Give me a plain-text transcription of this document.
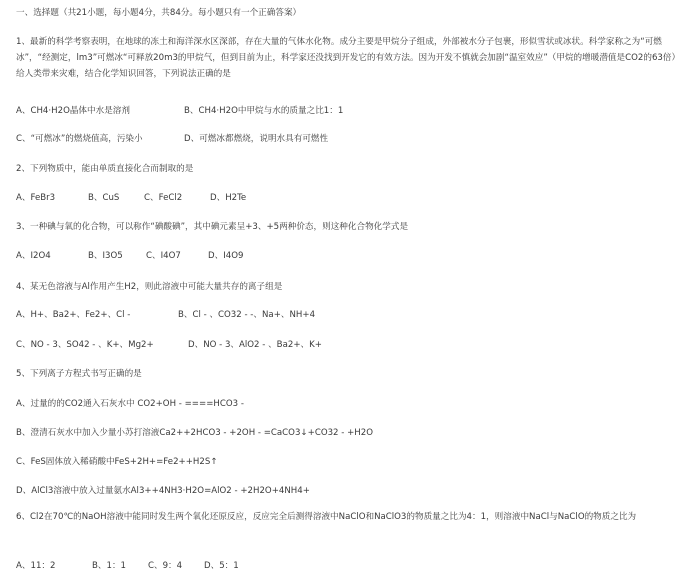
一、选择题（共21小题，每小题4分，共84分。每小题只有一个正确答案）
1、最新的科学考察表明，在地球的冻土和海洋深水区深部，存在大量的气体水化物。成分主要是甲烷分子组成，外部被水分子包裹，形似雪状或冰状。科学家称之为“可燃冰”，“经测定，lm3”可燃冰“可释放20m3的甲烷气，但到目前为止，科学家还没找到开发它的有效方法。因为开发不慎就会加剧“温室效应”（甲烷的增暖潜值是CO2的63倍）给人类带来灾难，结合化学知识回答，下列说法正确的是
A、CH4·H2O晶体中水是溶剂	B、CH4·H2O中甲烷与水的质量之比1：1
C、“可燃冰”的燃烧值高，污染小	D、可燃冰都燃烧，说明水具有可燃性
2、下列物质中，能由单质直接化合而制取的是
A、FeBr3	B、CuS	C、FeCl2	D、H2Te
3、一种碘与氧的化合物，可以称作“碘酸碘”，其中碘元素呈+3、+5两种价态，则这种化合物化学式是
A、I2O4	B、I3O5	C、I4O7	D、I4O9
4、某无色溶液与Al作用产生H2，则此溶液中可能大量共存的离子组是
A、H+、Ba2+、Fe2+、Cl -	B、Cl - 、CO32 - -、Na+、NH+4
C、NO - 3、SO42 - 、K+、Mg2+	D、NO - 3、AlO2 - 、Ba2+、K+
5、下列离子方程式书写正确的是
A、过量的的CO2通入石灰水中 CO2+OH - ====HCO3 -
B、澄清石灰水中加入少量小苏打溶液Ca2++2HCO3 - +2OH - =CaCO3↓+CO32 - +H2O
C、FeS固体放入稀硝酸中FeS+2H+=Fe2++H2S↑
D、AlCl3溶液中放入过量氨水Al3++4NH3·H2O=AlO2 - +2H2O+4NH4+
6、Cl2在70℃的NaOH溶液中能同时发生两个氧化还原反应，反应完全后测得溶液中NaClO和NaClO3的物质量之比为4：1，则溶液中NaCl与NaClO的物质之比为
A、11：2	B、1：1	C、9：4	D、5：1
